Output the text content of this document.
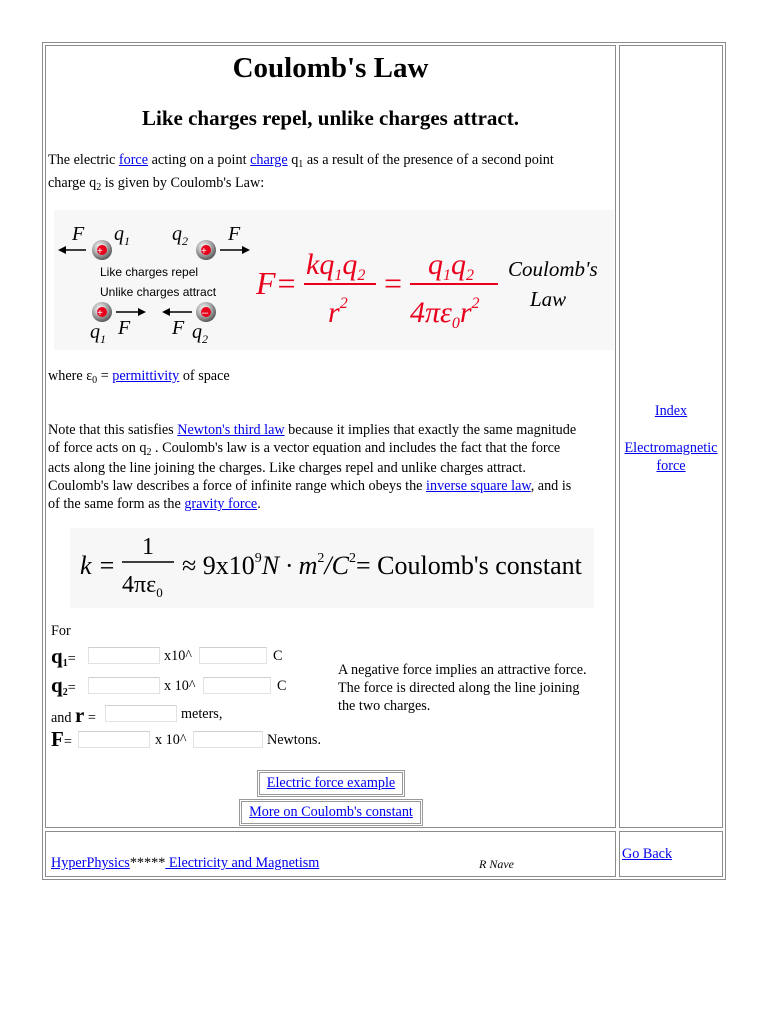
Coulomb's Law
Like charges repel, unlike charges attract.
The electric force acting on a point charge $q_1$ as a result of the presence of a second point
charge $q_2$ is given by Coulomb's Law:
F
+
$q_1$ $q_2$
+
F
Like charges repel
Unlike charges attract
+
$q_1$ F
–
F $q_2$
F=
$kq_1q_2$
$r^2$
=
$q_1q_2$
$4\pi\varepsilon_0r^2$
Coulomb's
Law
where $\varepsilon_0$ = permittivity of space
Note that this satisfies Newton's third law because it implies that exactly the same magnitude
of force acts on $q_2$ . Coulomb's law is a vector equation and includes the fact that the force
acts along the line joining the charges. Like charges repel and unlike charges attract.
Coulomb's law describes a force of infinite range which obeys the inverse square law, and is
of the same form as the gravity force.
k =
1
$4\pi\varepsilon_0$
≈ $9x10^9N \cdot m^2/C^2=$ Coulomb's constant
For
$q_1=$	x10^	C
$q_2=$	x 10^	C
and r =	meters,
F=	x 10^	Newtons.
A negative force implies an attractive force.
The force is directed along the line joining
the two charges.
Electric force example
More on Coulomb's constant
Index
Electromagnetic
force
HyperPhysics***** Electricity and Magnetism	R Nave
Go Back
